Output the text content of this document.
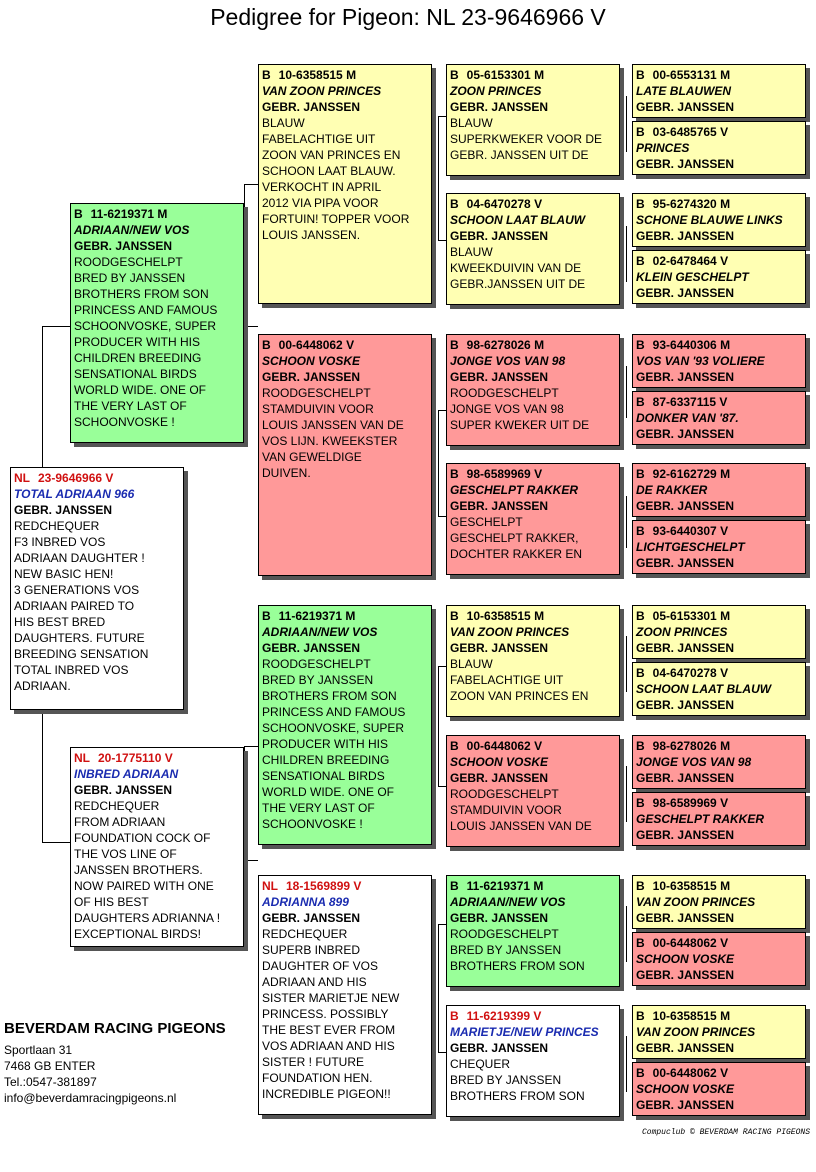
Pedigree for Pigeon: NL 23-9646966 V
NL 23-9646966 V
TOTAL ADRIAAN 966
GEBR. JANSSEN
REDCHEQUER
F3 INBRED VOS
ADRIAAN DAUGHTER !
NEW BASIC HEN!
3 GENERATIONS VOS
ADRIAAN PAIRED TO
HIS BEST BRED
DAUGHTERS. FUTURE
BREEDING SENSATION
TOTAL INBRED VOS
ADRIAAN.
B 11-6219371 M
ADRIAAN/NEW VOS
GEBR. JANSSEN
ROODGESCHELPT
BRED BY JANSSEN
BROTHERS FROM SON
PRINCESS AND FAMOUS
SCHOONVOSKE, SUPER
PRODUCER WITH HIS
CHILDREN BREEDING
SENSATIONAL BIRDS
WORLD WIDE. ONE OF
THE VERY LAST OF
SCHOONVOSKE !
NL 20-1775110 V
INBRED ADRIAAN
GEBR. JANSSEN
REDCHEQUER
FROM ADRIAAN
FOUNDATION COCK OF
THE VOS LINE OF
JANSSEN BROTHERS.
NOW PAIRED WITH ONE
OF HIS BEST
DAUGHTERS ADRIANNA !
EXCEPTIONAL BIRDS!
B 10-6358515 M
VAN ZOON PRINCES
GEBR. JANSSEN
BLAUW
FABELACHTIGE UIT
ZOON VAN PRINCES EN
SCHOON LAAT BLAUW.
VERKOCHT IN APRIL
2012 VIA PIPA VOOR
FORTUIN! TOPPER VOOR
LOUIS JANSSEN.
B 00-6448062 V
SCHOON VOSKE
GEBR. JANSSEN
ROODGESCHELPT
STAMDUIVIN VOOR
LOUIS JANSSEN VAN DE
VOS LIJN. KWEEKSTER
VAN GEWELDIGE
DUIVEN.
B 11-6219371 M
ADRIAAN/NEW VOS
GEBR. JANSSEN
ROODGESCHELPT
BRED BY JANSSEN
BROTHERS FROM SON
PRINCESS AND FAMOUS
SCHOONVOSKE, SUPER
PRODUCER WITH HIS
CHILDREN BREEDING
SENSATIONAL BIRDS
WORLD WIDE. ONE OF
THE VERY LAST OF
SCHOONVOSKE !
NL 18-1569899 V
ADRIANNA 899
GEBR. JANSSEN
REDCHEQUER
SUPERB INBRED
DAUGHTER OF VOS
ADRIAAN AND HIS
SISTER MARIETJE NEW
PRINCESS. POSSIBLY
THE BEST EVER FROM
VOS ADRIAAN AND HIS
SISTER ! FUTURE
FOUNDATION HEN.
INCREDIBLE PIGEON!!
B 05-6153301 M
ZOON PRINCES
GEBR. JANSSEN
BLAUW
SUPERKWEKER VOOR DE
GEBR. JANSSEN UIT DE
B 04-6470278 V
SCHOON LAAT BLAUW
GEBR. JANSSEN
BLAUW
KWEEKDUIVIN VAN DE
GEBR.JANSSEN UIT DE
B 98-6278026 M
JONGE VOS VAN 98
GEBR. JANSSEN
ROODGESCHELPT
JONGE VOS VAN 98
SUPER KWEKER UIT DE
B 98-6589969 V
GESCHELPT RAKKER
GEBR. JANSSEN
GESCHELPT
GESCHELPT RAKKER,
DOCHTER RAKKER EN
B 10-6358515 M
VAN ZOON PRINCES
GEBR. JANSSEN
BLAUW
FABELACHTIGE UIT
ZOON VAN PRINCES EN
B 00-6448062 V
SCHOON VOSKE
GEBR. JANSSEN
ROODGESCHELPT
STAMDUIVIN VOOR
LOUIS JANSSEN VAN DE
B 11-6219371 M
ADRIAAN/NEW VOS
GEBR. JANSSEN
ROODGESCHELPT
BRED BY JANSSEN
BROTHERS FROM SON
B 11-6219399 V
MARIETJE/NEW PRINCES
GEBR. JANSSEN
CHEQUER
BRED BY JANSSEN
BROTHERS FROM SON
B 00-6553131 M
LATE BLAUWEN
GEBR. JANSSEN
B 03-6485765 V
PRINCES
GEBR. JANSSEN
B 95-6274320 M
SCHONE BLAUWE LINKS
GEBR. JANSSEN
B 02-6478464 V
KLEIN GESCHELPT
GEBR. JANSSEN
B 93-6440306 M
VOS VAN '93 VOLIERE
GEBR. JANSSEN
B 87-6337115 V
DONKER VAN '87.
GEBR. JANSSEN
B 92-6162729 M
DE RAKKER
GEBR. JANSSEN
B 93-6440307 V
LICHTGESCHELPT
GEBR. JANSSEN
B 05-6153301 M
ZOON PRINCES
GEBR. JANSSEN
B 04-6470278 V
SCHOON LAAT BLAUW
GEBR. JANSSEN
B 98-6278026 M
JONGE VOS VAN 98
GEBR. JANSSEN
B 98-6589969 V
GESCHELPT RAKKER
GEBR. JANSSEN
B 10-6358515 M
VAN ZOON PRINCES
GEBR. JANSSEN
B 00-6448062 V
SCHOON VOSKE
GEBR. JANSSEN
B 10-6358515 M
VAN ZOON PRINCES
GEBR. JANSSEN
B 00-6448062 V
SCHOON VOSKE
GEBR. JANSSEN
BEVERDAM RACING PIGEONS
Sportlaan 31
7468 GB ENTER
Tel.:0547-381897
info@beverdamracingpigeons.nl
Compuclub © BEVERDAM RACING PIGEONS
